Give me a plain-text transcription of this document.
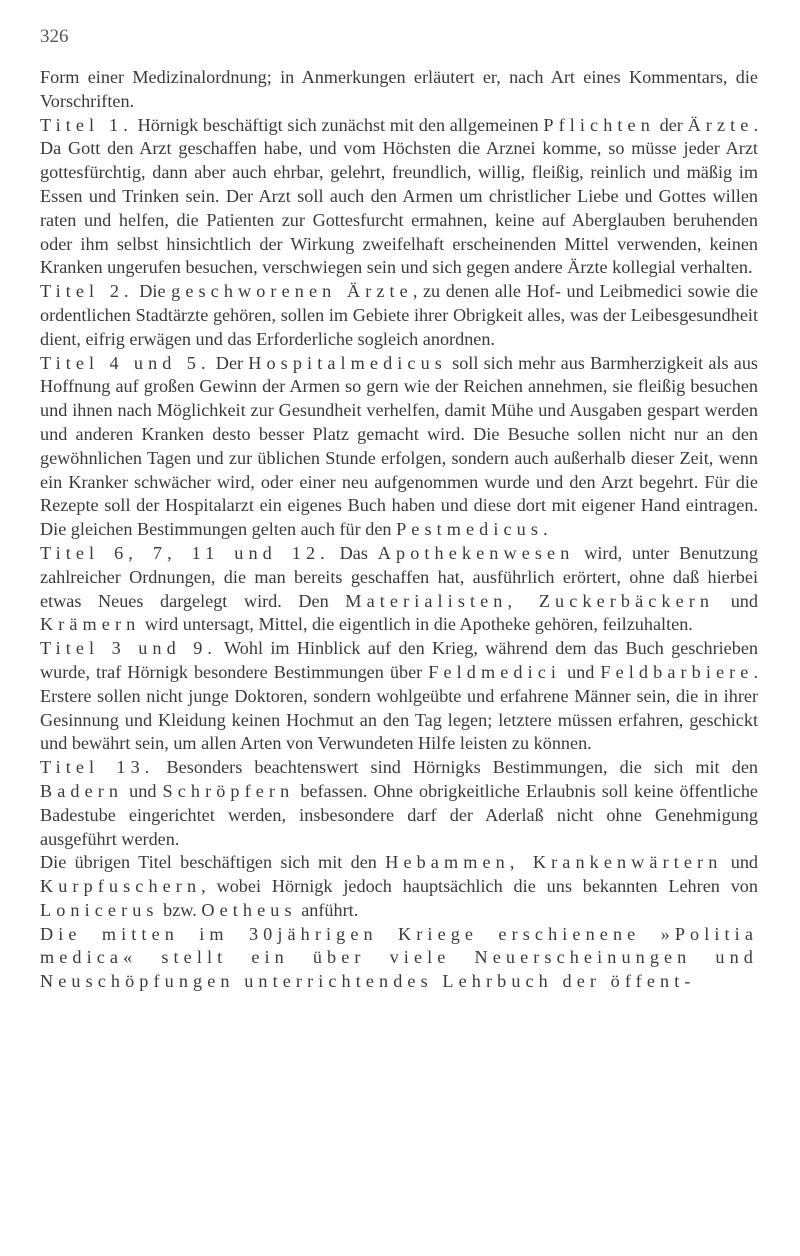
326

Form einer Medizinalordnung; in Anmerkungen erläutert er, nach Art eines Kommentars, die Vorschriften.

Titel 1. Hörnigk beschäftigt sich zunächst mit den allgemeinen Pflichten der Ärzte. Da Gott den Arzt geschaffen habe, und vom Höchsten die Arznei komme, so müsse jeder Arzt gottesfürchtig, dann aber auch ehrbar, gelehrt, freundlich, willig, fleißig, reinlich und mäßig im Essen und Trinken sein. Der Arzt soll auch den Armen um christlicher Liebe und Gottes willen raten und helfen, die Patienten zur Gottesfurcht ermahnen, keine auf Aberglauben beruhenden oder ihm selbst hinsichtlich der Wirkung zweifelhaft erscheinenden Mittel verwenden, keinen Kranken ungerufen besuchen, verschwiegen sein und sich gegen andere Ärzte kollegial verhalten.

Titel 2. Die geschworenen Ärzte, zu denen alle Hof- und Leibmedici sowie die ordentlichen Stadtärzte gehören, sollen im Gebiete ihrer Obrigkeit alles, was der Leibesgesundheit dient, eifrig erwägen und das Erforderliche sogleich anordnen.

Titel 4 und 5. Der Hospitalmedicus soll sich mehr aus Barmherzigkeit als aus Hoffnung auf großen Gewinn der Armen so gern wie der Reichen annehmen, sie fleißig besuchen und ihnen nach Möglichkeit zur Gesundheit verhelfen, damit Mühe und Ausgaben gespart werden und anderen Kranken desto besser Platz gemacht wird. Die Besuche sollen nicht nur an den gewöhnlichen Tagen und zur üblichen Stunde erfolgen, sondern auch außerhalb dieser Zeit, wenn ein Kranker schwächer wird, oder einer neu aufgenommen wurde und den Arzt begehrt. Für die Rezepte soll der Hospitalarzt ein eigenes Buch haben und diese dort mit eigener Hand eintragen. Die gleichen Bestimmungen gelten auch für den Pestmedicus.

Titel 6, 7, 11 und 12. Das Apothekenwesen wird, unter Benutzung zahlreicher Ordnungen, die man bereits geschaffen hat, ausführlich erörtert, ohne daß hierbei etwas Neues dargelegt wird. Den Materialisten, Zuckerbäckern und Krämern wird untersagt, Mittel, die eigentlich in die Apotheke gehören, feilzuhalten.

Titel 3 und 9. Wohl im Hinblick auf den Krieg, während dem das Buch geschrieben wurde, traf Hörnigk besondere Bestimmungen über Feldmedici und Feldbarbiere. Erstere sollen nicht junge Doktoren, sondern wohlgeübte und erfahrene Männer sein, die in ihrer Gesinnung und Kleidung keinen Hochmut an den Tag legen; letztere müssen erfahren, geschickt und bewährt sein, um allen Arten von Verwundeten Hilfe leisten zu können.

Titel 13. Besonders beachtenswert sind Hörnigks Bestimmungen, die sich mit den Badern und Schröpfern befassen. Ohne obrigkeitliche Erlaubnis soll keine öffentliche Badestube eingerichtet werden, insbesondere darf der Aderlaß nicht ohne Genehmigung ausgeführt werden.

Die übrigen Titel beschäftigen sich mit den Hebammen, Krankenwärtern und Kurpfuschern, wobei Hörnigk jedoch hauptsächlich die uns bekannten Lehren von Lonicerus bzw. Oetheus anführt.

Die mitten im 30jährigen Kriege erschienene »Politia medica« stellt ein über viele Neuerscheinungen und Neuschöpfungen unterrichtendes Lehrbuch der öffent-
